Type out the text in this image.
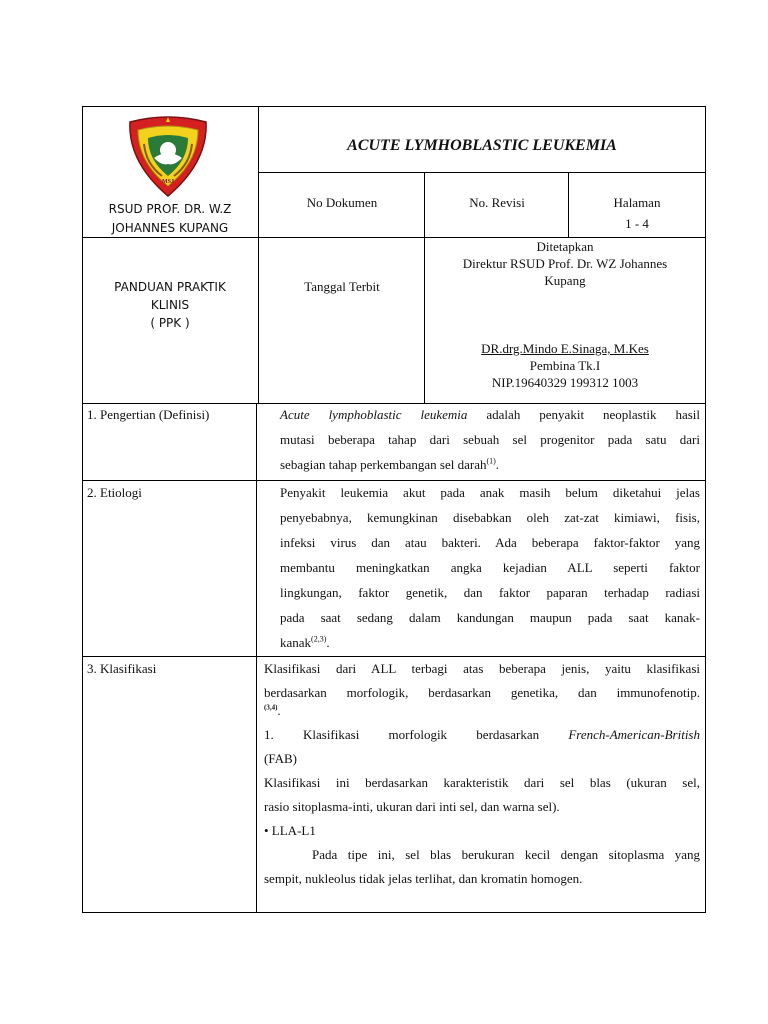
MSJ
RSUD PROF. DR. W.Z
JOHANNES KUPANG
ACUTE LYMHOBLASTIC LEUKEMIA
No Dokumen	No. Revisi	Halaman
1 - 4
PANDUAN PRAKTIK
KLINIS
( PPK )
Tanggal Terbit
Ditetapkan
Direktur RSUD Prof. Dr. WZ Johannes
Kupang
DR.drg.Mindo E.Sinaga, M.Kes
Pembina Tk.I
NIP.19640329 199312 1003
1. Pengertian (Definisi)
2. Etiologi
3. Klasifikasi
Acute lymphoblastic leukemia adalah penyakit neoplastik hasil
mutasi beberapa tahap dari sebuah sel progenitor pada satu dari
sebagian tahap perkembangan sel darah$^{(1)}$.
Penyakit leukemia akut pada anak masih belum diketahui jelas
penyebabnya, kemungkinan disebabkan oleh zat-zat kimiawi, fisis,
infeksi virus dan atau bakteri. Ada beberapa faktor-faktor yang
membantu meningkatkan angka kejadian ALL seperti faktor
lingkungan, faktor genetik, dan faktor paparan terhadap radiasi
pada saat sedang dalam kandungan maupun pada saat kanak-
kanak$^{(2,3)}$.
Klasifikasi dari ALL terbagi atas beberapa jenis, yaitu klasifikasi
berdasarkan morfologik, berdasarkan genetika, dan immunofenotip.
$^{(3,4)}$.
1. Klasifikasi morfologik berdasarkan French-American-British
(FAB)
Klasifikasi ini berdasarkan karakteristik dari sel blas (ukuran sel,
rasio sitoplasma-inti, ukuran dari inti sel, dan warna sel).
• LLA-L1
Pada tipe ini, sel blas berukuran kecil dengan sitoplasma yang
sempit, nukleolus tidak jelas terlihat, dan kromatin homogen.
